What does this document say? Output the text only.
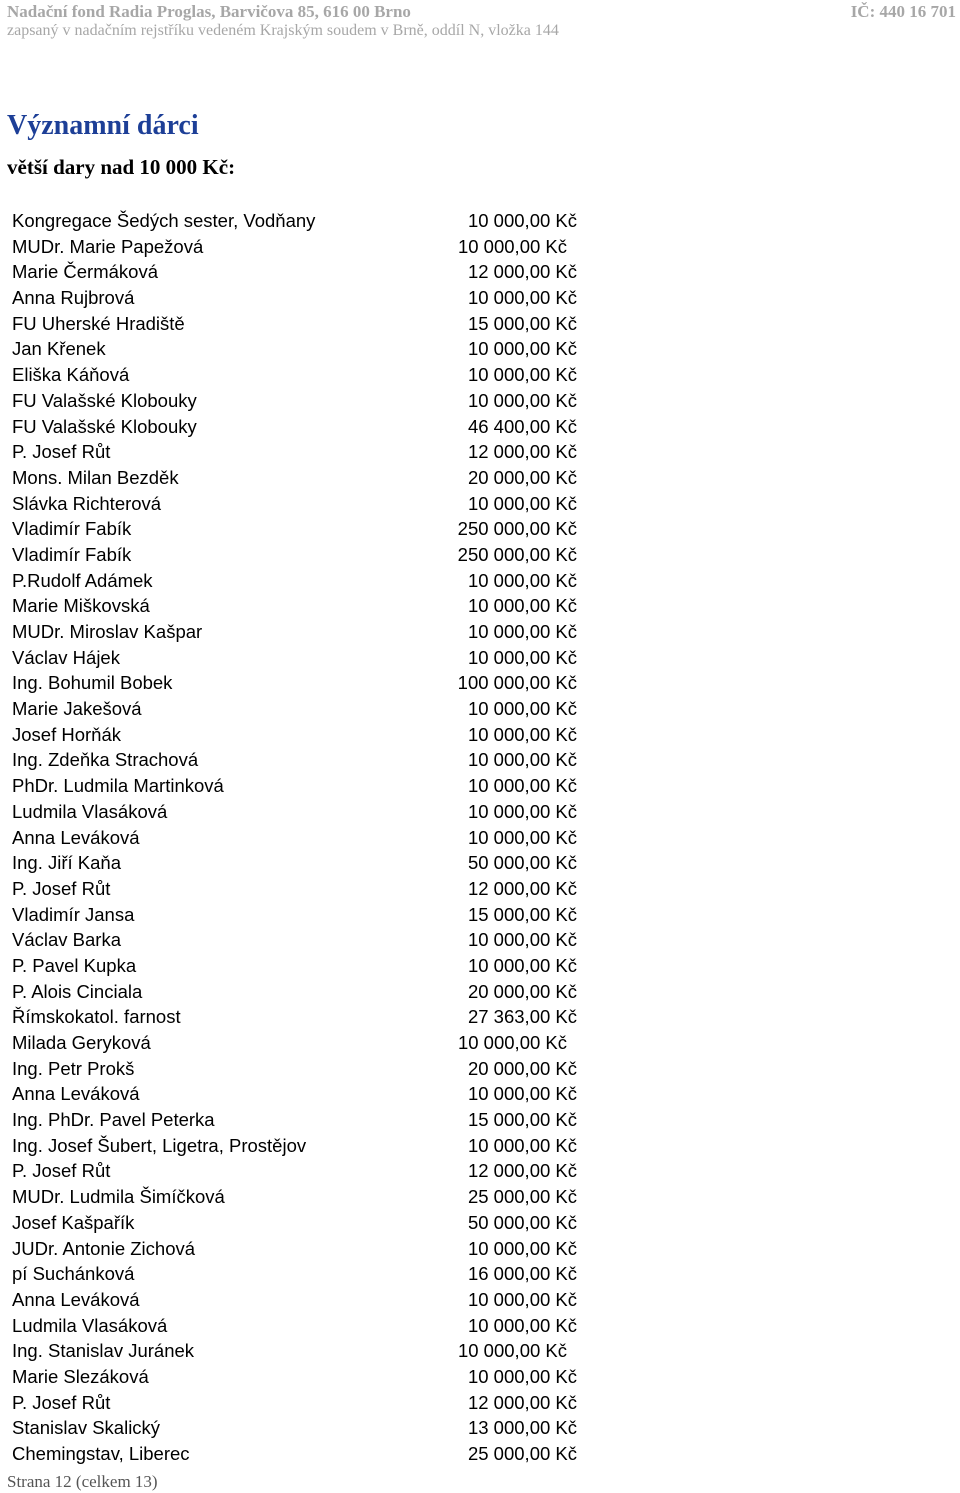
Nadační fond Radia Proglas, Barvičova 85, 616 00 Brno	IČ: 440 16 701
zapsaný v nadačním rejstříku vedeném Krajským soudem v Brně, oddíl N, vložka 144
Významní dárci
větší dary nad 10 000 Kč:
Kongregace Šedých sester, Vodňany	10 000,00 Kč
MUDr. Marie Papežová	10 000,00 Kč
Marie Čermáková	12 000,00 Kč
Anna Rujbrová	10 000,00 Kč
FU Uherské Hradiště	15 000,00 Kč
Jan Křenek	10 000,00 Kč
Eliška Káňová	10 000,00 Kč
FU Valašské Klobouky	10 000,00 Kč
FU Valašské Klobouky	46 400,00 Kč
P. Josef Růt	12 000,00 Kč
Mons. Milan Bezděk	20 000,00 Kč
Slávka Richterová	10 000,00 Kč
Vladimír Fabík	250 000,00 Kč
Vladimír Fabík	250 000,00 Kč
P.Rudolf Adámek	10 000,00 Kč
Marie Miškovská	10 000,00 Kč
MUDr. Miroslav Kašpar	10 000,00 Kč
Václav Hájek	10 000,00 Kč
Ing. Bohumil Bobek	100 000,00 Kč
Marie Jakešová	10 000,00 Kč
Josef Horňák	10 000,00 Kč
Ing. Zdeňka Strachová	10 000,00 Kč
PhDr. Ludmila Martinková	10 000,00 Kč
Ludmila Vlasáková	10 000,00 Kč
Anna Leváková	10 000,00 Kč
Ing. Jiří Kaňa	50 000,00 Kč
P. Josef Růt	12 000,00 Kč
Vladimír Jansa	15 000,00 Kč
Václav Barka	10 000,00 Kč
P. Pavel Kupka	10 000,00 Kč
P. Alois Cinciala	20 000,00 Kč
Římskokatol. farnost	27 363,00 Kč
Milada Geryková	10 000,00 Kč
Ing. Petr Prokš	20 000,00 Kč
Anna Leváková	10 000,00 Kč
Ing. PhDr. Pavel Peterka	15 000,00 Kč
Ing. Josef Šubert, Ligetra, Prostějov	10 000,00 Kč
P. Josef Růt	12 000,00 Kč
MUDr. Ludmila Šimíčková	25 000,00 Kč
Josef Kašpařík	50 000,00 Kč
JUDr. Antonie Zichová	10 000,00 Kč
pí Suchánková	16 000,00 Kč
Anna Leváková	10 000,00 Kč
Ludmila Vlasáková	10 000,00 Kč
Ing. Stanislav Juránek	10 000,00 Kč
Marie Slezáková	10 000,00 Kč
P. Josef Růt	12 000,00 Kč
Stanislav Skalický	13 000,00 Kč
Chemingstav, Liberec	25 000,00 Kč
Strana 12 (celkem 13)
